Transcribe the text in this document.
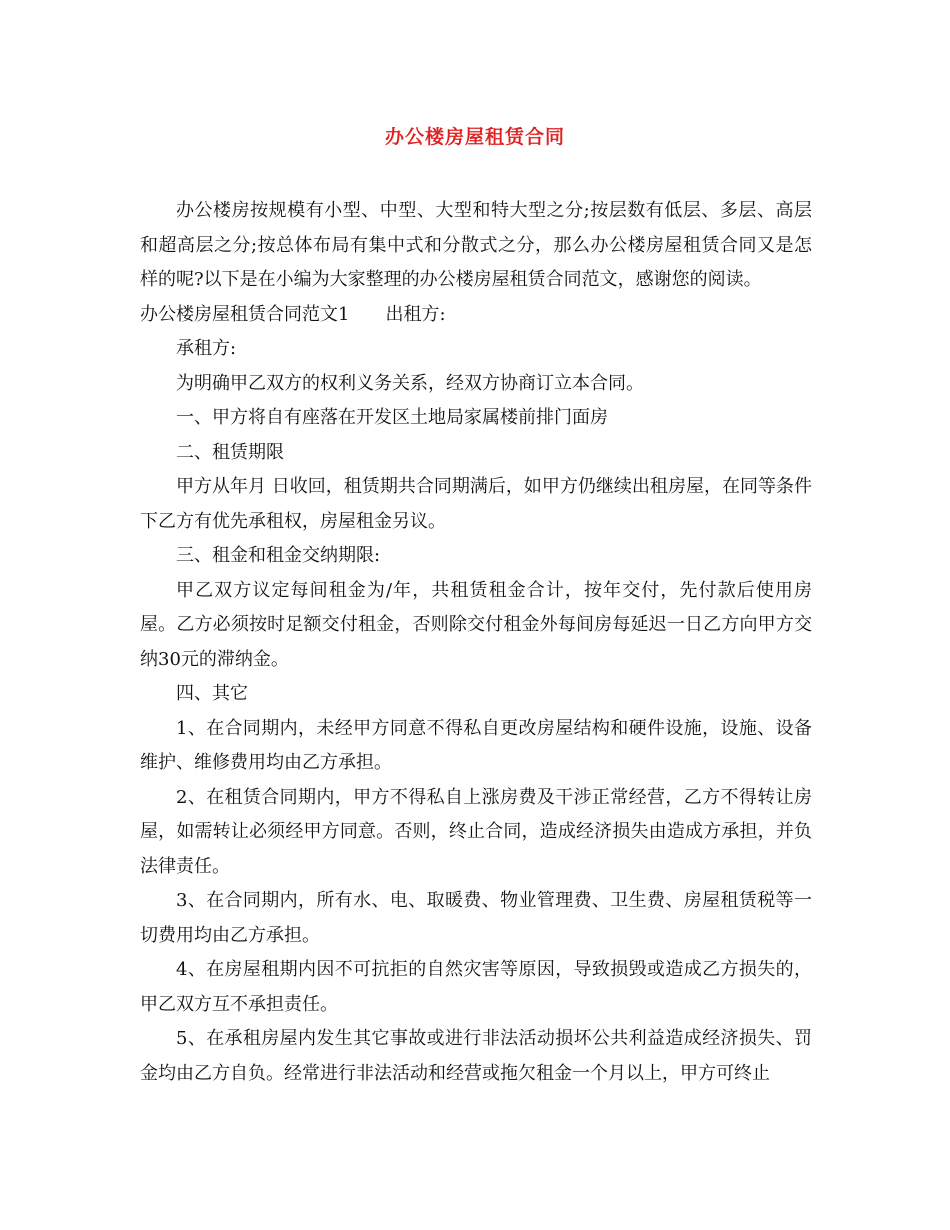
办公楼房屋租赁合同

办公楼房按规模有小型、中型、大型和特大型之分;按层数有低层、多层、高层和超高层之分;按总体布局有集中式和分散式之分，那么办公楼房屋租赁合同又是怎样的呢?以下是在小编为大家整理的办公楼房屋租赁合同范文，感谢您的阅读。

办公楼房屋租赁合同范文1 出租方:

承租方:

为明确甲乙双方的权利义务关系，经双方协商订立本合同。

一、甲方将自有座落在开发区土地局家属楼前排门面房

二、租赁期限

甲方从年月 日收回，租赁期共合同期满后，如甲方仍继续出租房屋，在同等条件下乙方有优先承租权，房屋租金另议。

三、租金和租金交纳期限:

甲乙双方议定每间租金为/年，共租赁租金合计，按年交付，先付款后使用房屋。乙方必须按时足额交付租金，否则除交付租金外每间房每延迟一日乙方向甲方交纳30元的滞纳金。

四、其它

1、在合同期内，未经甲方同意不得私自更改房屋结构和硬件设施，设施、设备维护、维修费用均由乙方承担。

2、在租赁合同期内，甲方不得私自上涨房费及干涉正常经营，乙方不得转让房屋，如需转让必须经甲方同意。否则，终止合同，造成经济损失由造成方承担，并负法律责任。

3、在合同期内，所有水、电、取暖费、物业管理费、卫生费、房屋租赁税等一切费用均由乙方承担。

4、在房屋租期内因不可抗拒的自然灾害等原因，导致损毁或造成乙方损失的，甲乙双方互不承担责任。

5、在承租房屋内发生其它事故或进行非法活动损坏公共利益造成经济损失、罚金均由乙方自负。经常进行非法活动和经营或拖欠租金一个月以上，甲方可终止
